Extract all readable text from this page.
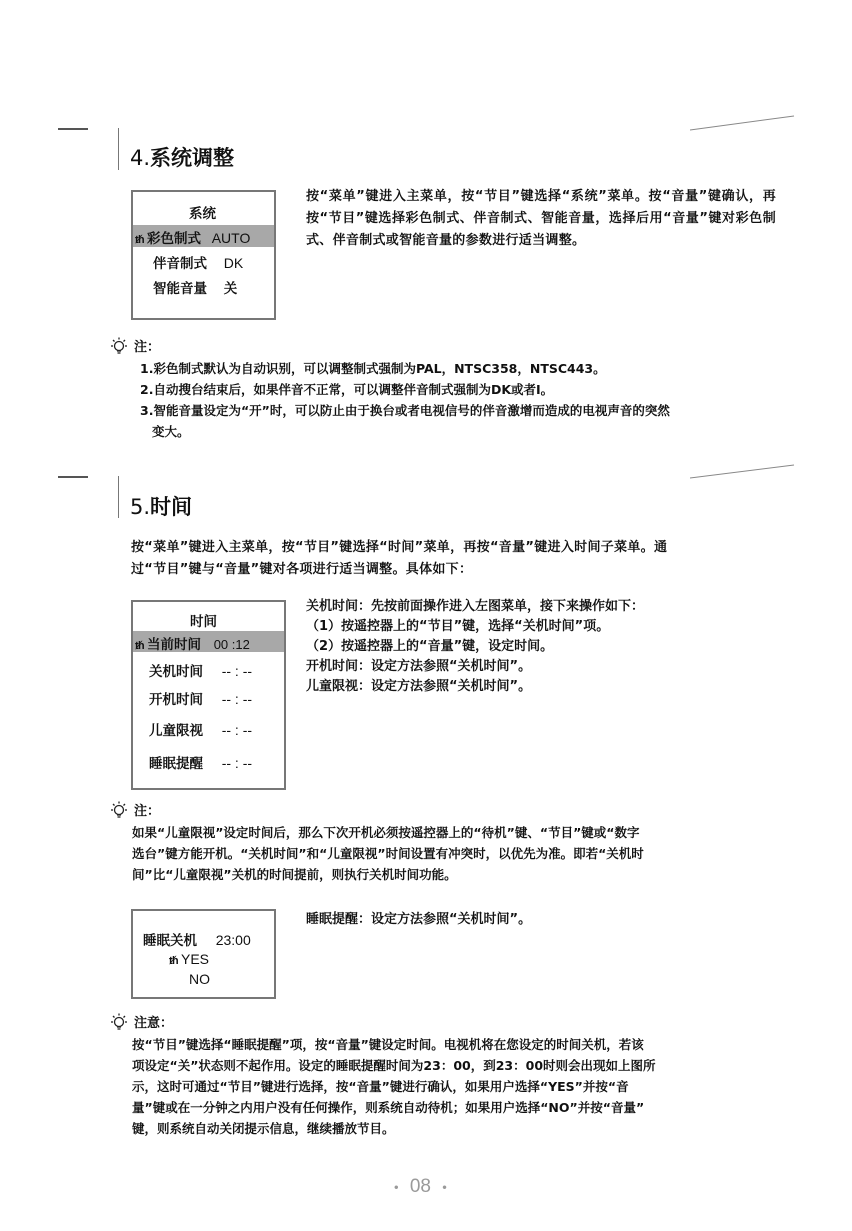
4.系统调整
系统
ᵺ 彩色制式 AUTO
伴音制式 DK
智能音量 关
按“菜单”键进入主菜单，按“节目”键选择“系统”菜单。按“音量”键确认，再按“节目”键选择彩色制式、伴音制式、智能音量，选择后用“音量”键对彩色制式、伴音制式或智能音量的参数进行适当调整。
注：
1.彩色制式默认为自动识别，可以调整制式强制为PAL，NTSC358，NTSC443。
2.自动搜台结束后，如果伴音不正常，可以调整伴音制式强制为DK或者I。
3.智能音量设定为“开”时，可以防止由于换台或者电视信号的伴音激增而造成的电视声音的突然
变大。
5.时间
按“菜单”键进入主菜单，按“节目”键选择“时间”菜单，再按“音量”键进入时间子菜单。通
过“节目”键与“音量”键对各项进行适当调整。具体如下：
时间
ᵺ 当前时间 00 :12
关机时间 -- : --
开机时间 -- : --
儿童限视 -- : --
睡眠提醒 -- : --
关机时间：先按前面操作进入左图菜单，接下来操作如下：
（1）按遥控器上的“节目”键，选择“关机时间”项。
（2）按遥控器上的“音量”键，设定时间。
开机时间：设定方法参照“关机时间”。
儿童限视：设定方法参照“关机时间”。
注：
如果“儿童限视”设定时间后，那么下次开机必须按遥控器上的“待机”键、“节目”键或“数字
选台”键方能开机。“关机时间”和“儿童限视”时间设置有冲突时，以优先为准。即若“关机时
间”比“儿童限视”关机的时间提前，则执行关机时间功能。
睡眠关机 23:00
ᵺ YES
NO
睡眠提醒：设定方法参照“关机时间”。
注意：
按“节目”键选择“睡眠提醒”项，按“音量”键设定时间。电视机将在您设定的时间关机，若该
项设定“关”状态则不起作用。设定的睡眠提醒时间为23：00，到23：00时则会出现如上图所
示，这时可通过“节目”键进行选择，按“音量”键进行确认，如果用户选择“YES”并按“音
量”键或在一分钟之内用户没有任何操作，则系统自动待机；如果用户选择“NO”并按“音量”
键，则系统自动关闭提示信息，继续播放节目。
• 08 •
